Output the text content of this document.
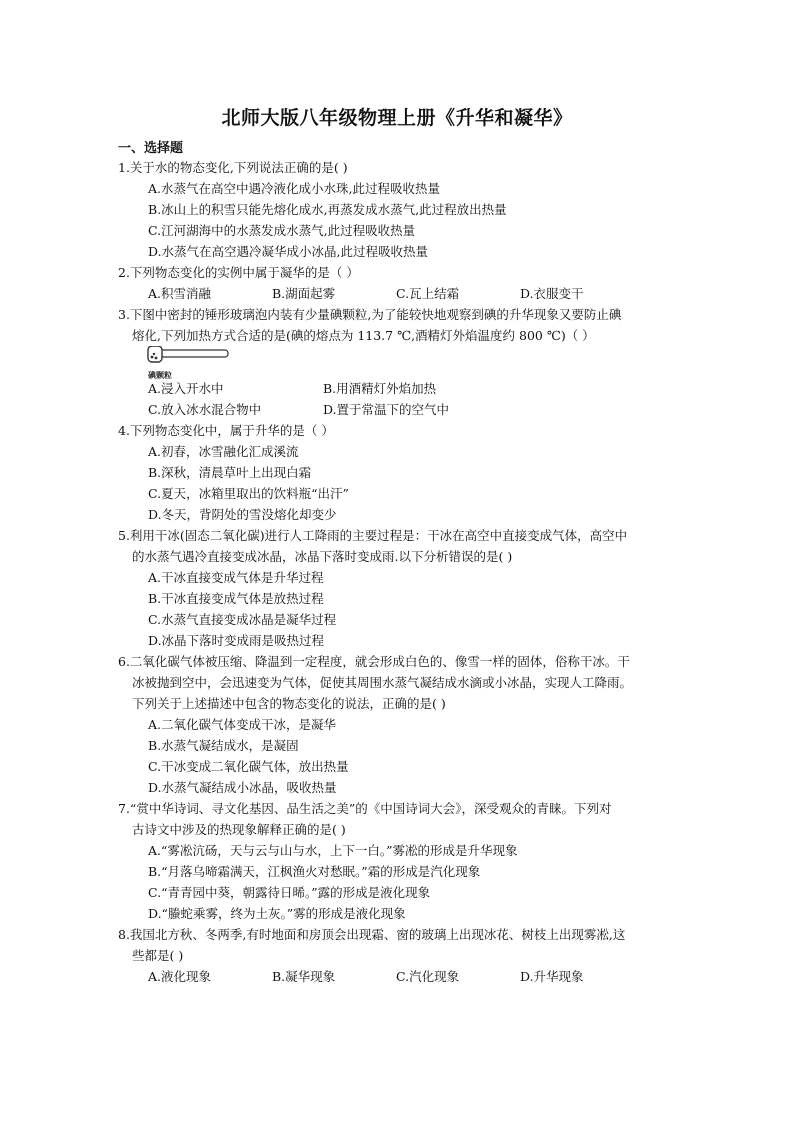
北师大版八年级物理上册《升华和凝华》
一、选择题
1.关于水的物态变化,下列说法正确的是( )
A.水蒸气在高空中遇冷液化成小水珠,此过程吸收热量
B.冰山上的积雪只能先熔化成水,再蒸发成水蒸气,此过程放出热量
C.江河湖海中的水蒸发成水蒸气,此过程吸收热量
D.水蒸气在高空遇冷凝华成小冰晶,此过程吸收热量
2.下列物态变化的实例中属于凝华的是（ ）
A.积雪消融	B.湖面起雾	C.瓦上结霜	D.衣服变干
3.下图中密封的锤形玻璃泡内装有少量碘颗粒,为了能较快地观察到碘的升华现象又要防止碘
熔化,下列加热方式合适的是(碘的熔点为 113.7 ℃,酒精灯外焰温度约 800 ℃)（ ）
碘颗粒
A.浸入开水中	B.用酒精灯外焰加热
C.放入冰水混合物中	D.置于常温下的空气中
4.下列物态变化中，属于升华的是（ ）
A.初春，冰雪融化汇成溪流
B.深秋，清晨草叶上出现白霜
C.夏天，冰箱里取出的饮料瓶“出汗”
D.冬天，背阴处的雪没熔化却变少
5.利用干冰(固态二氧化碳)进行人工降雨的主要过程是：干冰在高空中直接变成气体，高空中
的水蒸气遇冷直接变成冰晶，冰晶下落时变成雨.以下分析错误的是( )
A.干冰直接变成气体是升华过程
B.干冰直接变成气体是放热过程
C.水蒸气直接变成冰晶是凝华过程
D.冰晶下落时变成雨是吸热过程
6.二氧化碳气体被压缩、降温到一定程度，就会形成白色的、像雪一样的固体，俗称干冰。干
冰被抛到空中，会迅速变为气体，促使其周围水蒸气凝结成水滴或小冰晶，实现人工降雨。
下列关于上述描述中包含的物态变化的说法，正确的是( )
A.二氧化碳气体变成干冰，是凝华
B.水蒸气凝结成水，是凝固
C.干冰变成二氧化碳气体，放出热量
D.水蒸气凝结成小冰晶，吸收热量
7.“赏中华诗词、寻文化基因、品生活之美”的《中国诗词大会》，深受观众的青睐。下列对
古诗文中涉及的热现象解释正确的是( )
A.“雾凇沆砀，天与云与山与水，上下一白。”雾凇的形成是升华现象
B.“月落乌啼霜满天，江枫渔火对愁眠。”霜的形成是汽化现象
C.“青青园中葵，朝露待日晞。”露的形成是液化现象
D.“螣蛇乘雾，终为土灰。”雾的形成是液化现象
8.我国北方秋、冬两季,有时地面和房顶会出现霜、窗的玻璃上出现冰花、树枝上出现雾凇,这
些都是( )
A.液化现象	B.凝华现象	C.汽化现象	D.升华现象
